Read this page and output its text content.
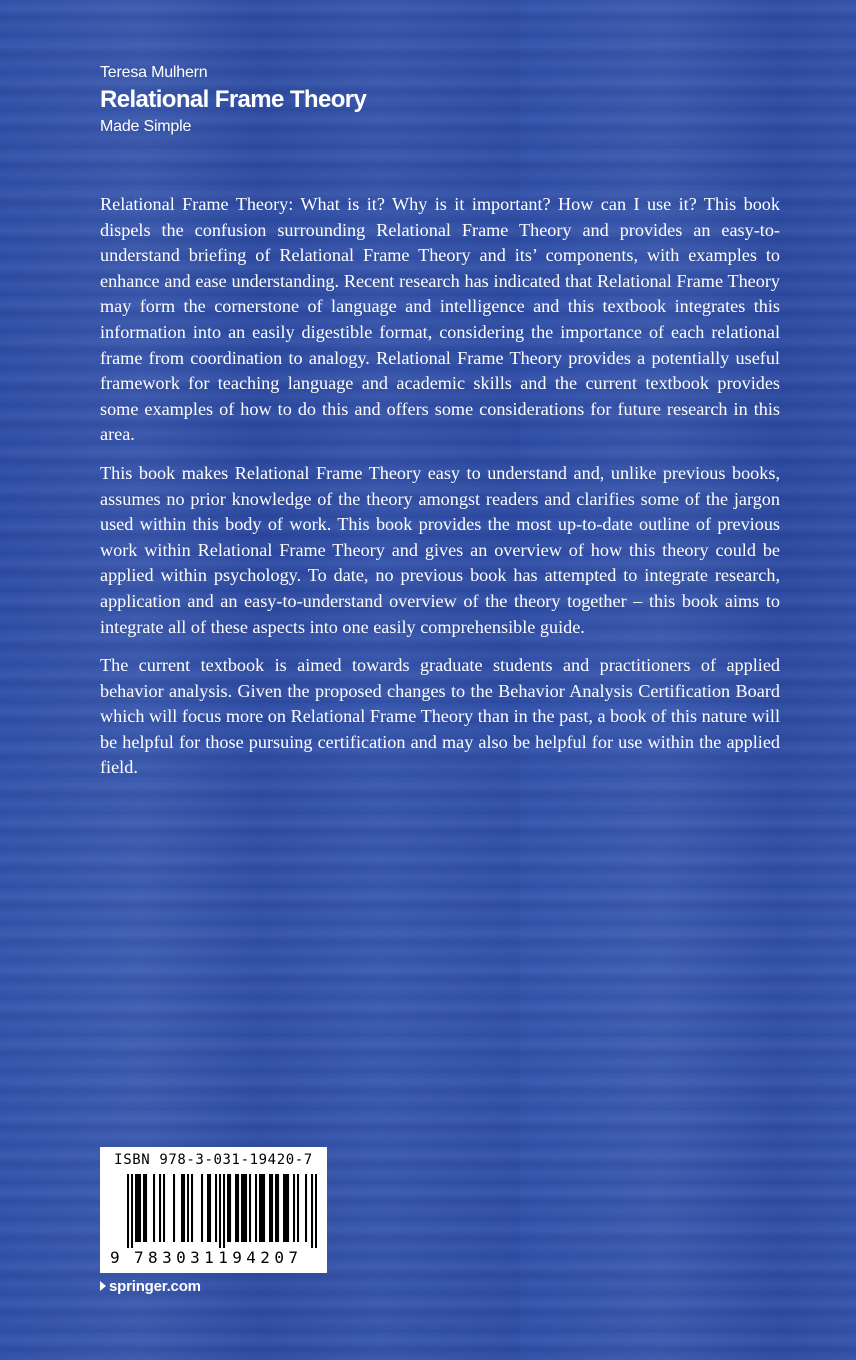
Teresa Mulhern
Relational Frame Theory
Made Simple

Relational Frame Theory: What is it? Why is it important? How can I use it? This book dispels the confusion surrounding Relational Frame Theory and provides an easy-to-understand briefing of Relational Frame Theory and its’ components, with examples to enhance and ease understanding. Recent research has indicated that Relational Frame Theory may form the cornerstone of language and intelligence and this textbook integrates this information into an easily digestible format, considering the importance of each relational frame from coordination to analogy. Relational Frame Theory provides a potentially useful framework for teaching language and academic skills and the current textbook provides some examples of how to do this and offers some considerations for future research in this area.

This book makes Relational Frame Theory easy to understand and, unlike previous books, assumes no prior knowledge of the theory amongst readers and clarifies some of the jargon used within this body of work. This book provides the most up-to-date outline of previous work within Relational Frame Theory and gives an overview of how this theory could be applied within psychology. To date, no previous book has attempted to integrate research, application and an easy-to-understand overview of the theory together – this book aims to integrate all of these aspects into one easily comprehensible guide.

The current textbook is aimed towards graduate students and practitioners of applied behavior analysis. Given the proposed changes to the Behavior Analysis Certification Board which will focus more on Relational Frame Theory than in the past, a book of this nature will be helpful for those pursuing certification and may also be helpful for use within the applied field.

ISBN 978-3-031-19420-7
9 783031194207
springer.com
